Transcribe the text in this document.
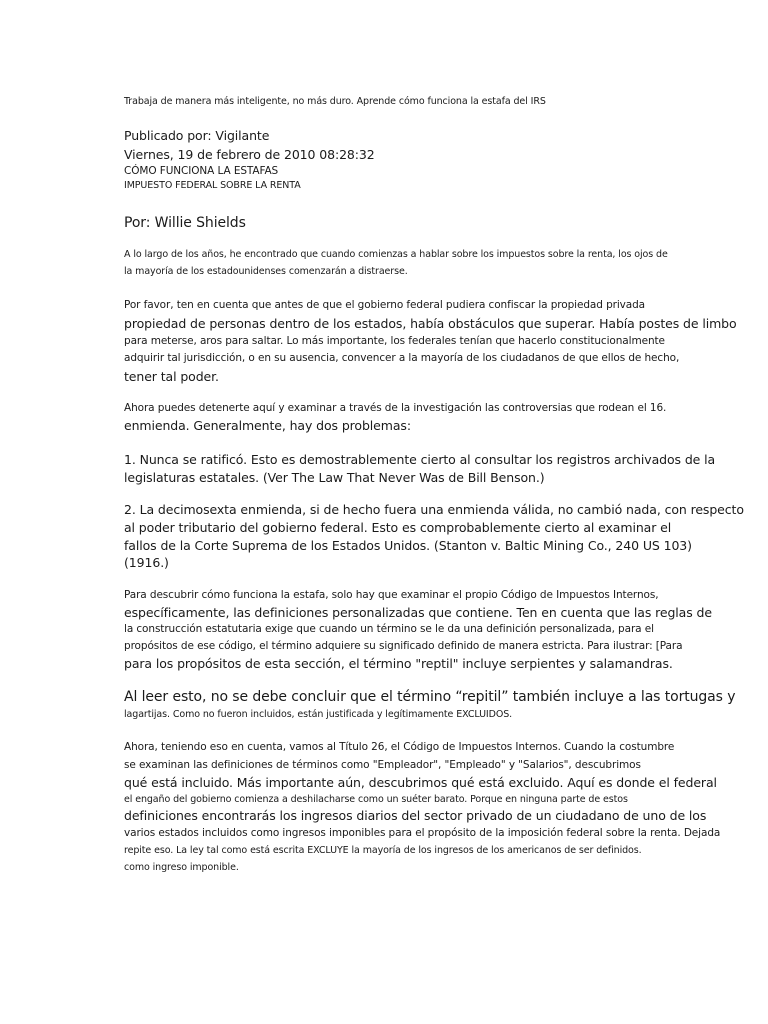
Trabaja de manera más inteligente, no más duro. Aprende cómo funciona la estafa del IRS
Publicado por: Vigilante
Viernes, 19 de febrero de 2010 08:28:32
CÓMO FUNCIONA LA ESTAFAS
IMPUESTO FEDERAL SOBRE LA RENTA
Por: Willie Shields
A lo largo de los años, he encontrado que cuando comienzas a hablar sobre los impuestos sobre la renta, los ojos de
la mayoría de los estadounidenses comenzarán a distraerse.
Por favor, ten en cuenta que antes de que el gobierno federal pudiera confiscar la propiedad privada
propiedad de personas dentro de los estados, había obstáculos que superar. Había postes de limbo
para meterse, aros para saltar. Lo más importante, los federales tenían que hacerlo constitucionalmente
adquirir tal jurisdicción, o en su ausencia, convencer a la mayoría de los ciudadanos de que ellos de hecho,
tener tal poder.
Ahora puedes detenerte aquí y examinar a través de la investigación las controversias que rodean el 16.
enmienda. Generalmente, hay dos problemas:
1. Nunca se ratificó. Esto es demostrablemente cierto al consultar los registros archivados de la
legislaturas estatales. (Ver The Law That Never Was de Bill Benson.)
2. La decimosexta enmienda, si de hecho fuera una enmienda válida, no cambió nada, con respecto
al poder tributario del gobierno federal. Esto es comprobablemente cierto al examinar el
fallos de la Corte Suprema de los Estados Unidos. (Stanton v. Baltic Mining Co., 240 US 103)
(1916.)
Para descubrir cómo funciona la estafa, solo hay que examinar el propio Código de Impuestos Internos,
específicamente, las definiciones personalizadas que contiene. Ten en cuenta que las reglas de
la construcción estatutaria exige que cuando un término se le da una definición personalizada, para el
propósitos de ese código, el término adquiere su significado definido de manera estricta. Para ilustrar: [Para
para los propósitos de esta sección, el término "reptil" incluye serpientes y salamandras.
Al leer esto, no se debe concluir que el término “repitil” también incluye a las tortugas y
lagartijas. Como no fueron incluidos, están justificada y legítimamente EXCLUIDOS.
Ahora, teniendo eso en cuenta, vamos al Título 26, el Código de Impuestos Internos. Cuando la costumbre
se examinan las definiciones de términos como "Empleador", "Empleado" y "Salarios", descubrimos
qué está incluido. Más importante aún, descubrimos qué está excluido. Aquí es donde el federal
el engaño del gobierno comienza a deshilacharse como un suéter barato. Porque en ninguna parte de estos
definiciones encontrarás los ingresos diarios del sector privado de un ciudadano de uno de los
varios estados incluidos como ingresos imponibles para el propósito de la imposición federal sobre la renta. Dejada
repite eso. La ley tal como está escrita EXCLUYE la mayoría de los ingresos de los americanos de ser definidos.
como ingreso imponible.
